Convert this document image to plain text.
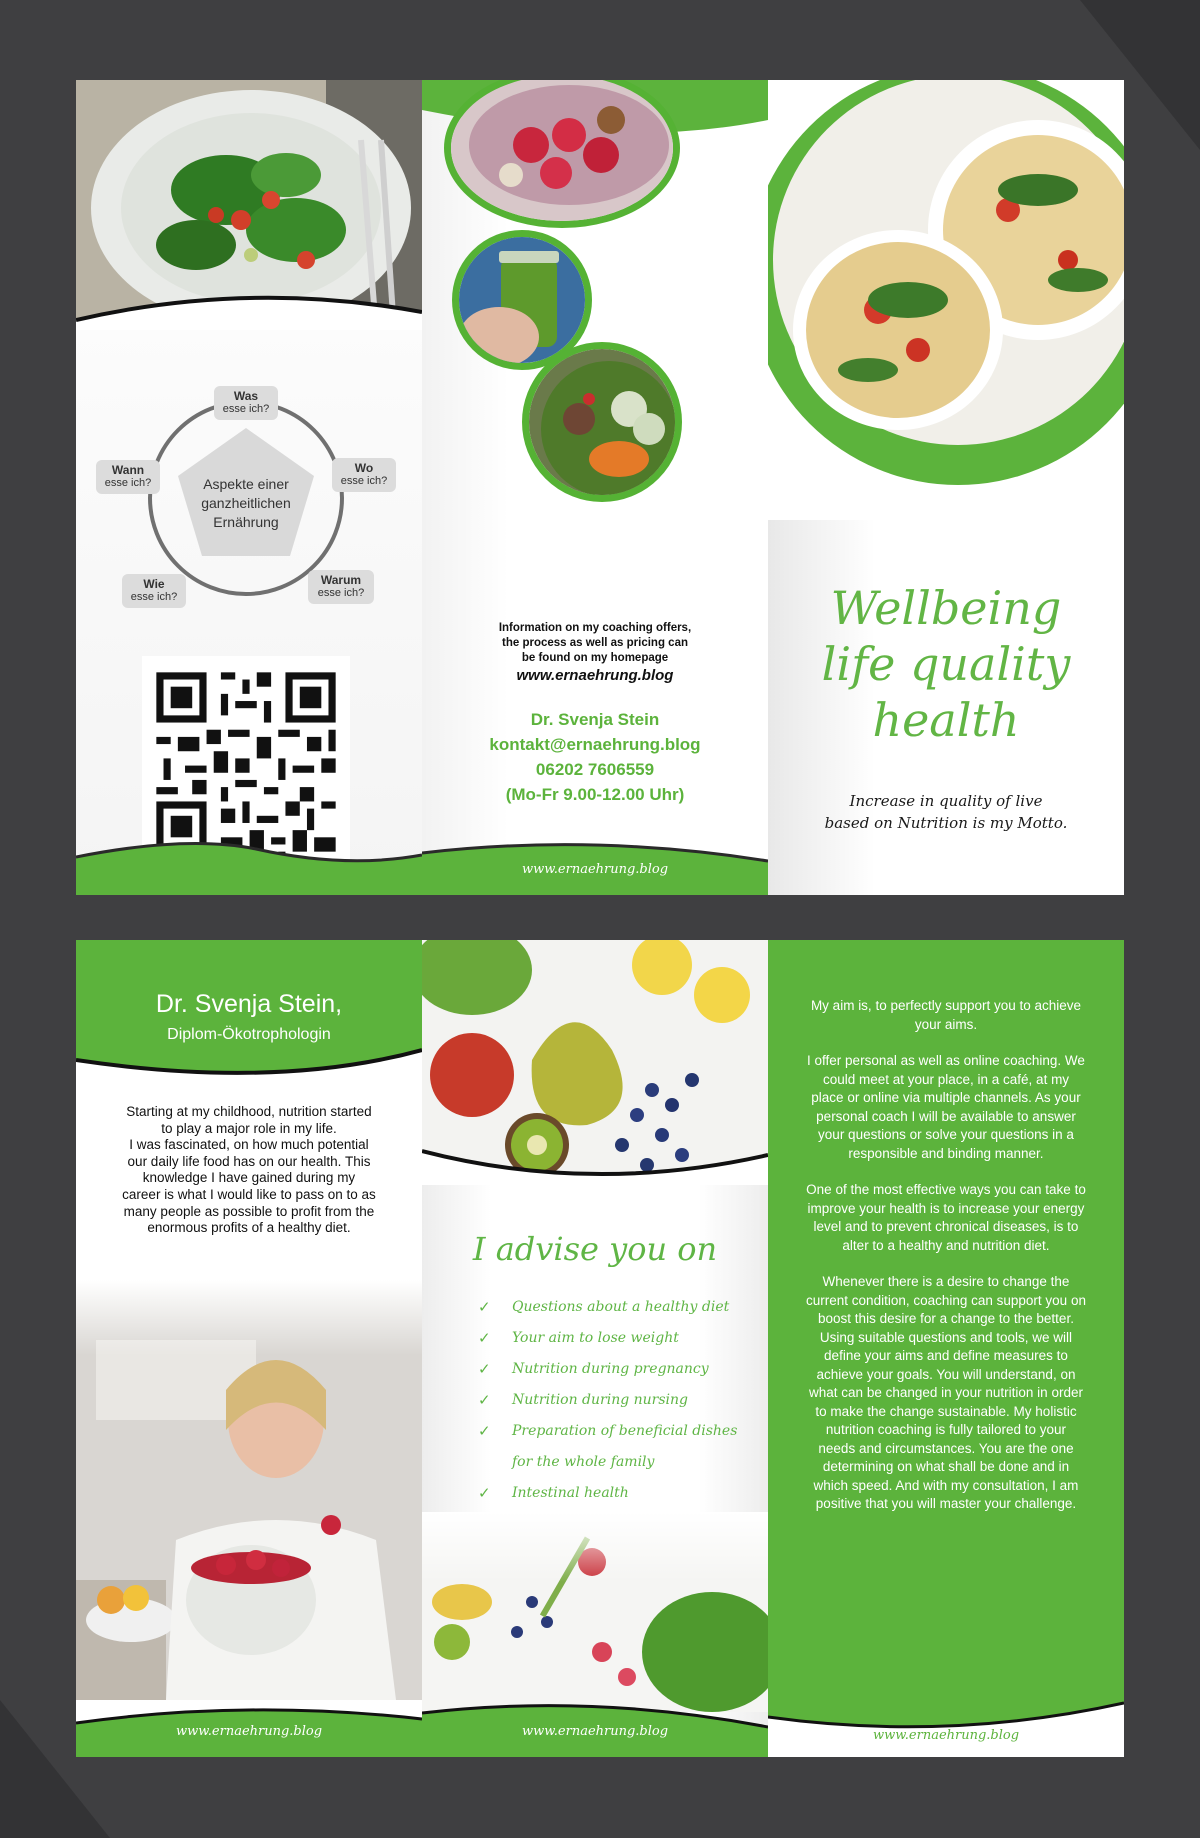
Aspekte einer ganzheitlichen Ernährung
Was
esse ich?
Wo
esse ich?
Warum
esse ich?
Wie
esse ich?
Wann
esse ich?
Information on my coaching offers,
the process as well as pricing can
be found on my homepage
www.ernaehrung.blog
Dr. Svenja Stein
kontakt@ernaehrung.blog
06202 7606559
(Mo-Fr 9.00-12.00 Uhr)
www.ernaehrung.blog
Wellbeing
life quality
health
Increase in quality of live
based on Nutrition is my Motto.
Dr. Svenja Stein,
Diplom-Ökotrophologin
Starting at my childhood, nutrition started
to play a major role in my life.
I was fascinated, on how much potential
our daily life food has on our health. This
knowledge I have gained during my
career is what I would like to pass on to as
many people as possible to profit from the
enormous profits of a healthy diet.
www.ernaehrung.blog
I advise you on
✓ Questions about a healthy diet
✓ Your aim to lose weight
✓ Nutrition during pregnancy
✓ Nutrition during nursing
✓ Preparation of beneficial dishes
for the whole family
✓ Intestinal health
www.ernaehrung.blog

My aim is, to perfectly support you to achieve your aims.

I offer personal as well as online coaching. We could meet at your place, in a café, at my place or online via multiple channels. As your personal coach I will be available to answer your questions or solve your questions in a responsible and binding manner.

One of the most effective ways you can take to improve your health is to increase your energy level and to prevent chronical diseases, is to alter to a healthy and nutrition diet.

Whenever there is a desire to change the current condition, coaching can support you on boost this desire for a change to the better. Using suitable questions and tools, we will define your aims and define measures to achieve your goals. You will understand, on what can be changed in your nutrition in order to make the change sustainable. My holistic nutrition coaching is fully tailored to your needs and circumstances. You are the one determining on what shall be done and in which speed. And with my consultation, I am positive that you will master your challenge.

www.ernaehrung.blog
